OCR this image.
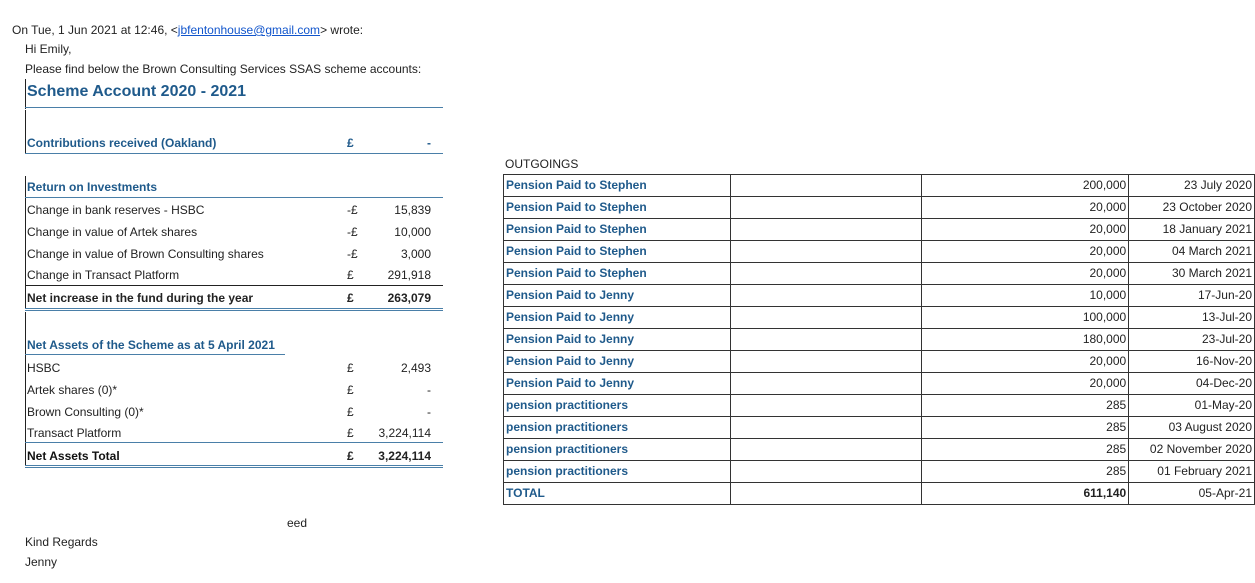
On Tue, 1 Jun 2021 at 12:46, <jbfentonhouse@gmail.com> wrote:
Hi Emily,
Please find below the Brown Consulting Services SSAS scheme accounts:
Scheme Account 2020 - 2021
Contributions received (Oakland)	£	-
Return on Investments
Change in bank reserves - HSBC	-£	15,839
Change in value of Artek shares	-£	10,000
Change in value of Brown Consulting shares	-£	3,000
Change in Transact Platform	£	291,918
Net increase in the fund during the year	£	263,079
Net Assets of the Scheme as at 5 April 2021
HSBC	£	2,493
Artek shares (0)*	£	-
Brown Consulting (0)*	£	-
Transact Platform	£ 3,224,114
Net Assets Total	£ 3,224,114
OUTGOINGS
Pension Paid to Stephen		200,000	23 July 2020
Pension Paid to Stephen		20,000	23 October 2020
Pension Paid to Stephen		20,000	18 January 2021
Pension Paid to Stephen		20,000	04 March 2021
Pension Paid to Stephen		20,000	30 March 2021
Pension Paid to Jenny		10,000	17-Jun-20
Pension Paid to Jenny		100,000	13-Jul-20
Pension Paid to Jenny		180,000	23-Jul-20
Pension Paid to Jenny		20,000	16-Nov-20
Pension Paid to Jenny		20,000	04-Dec-20
pension practitioners		285	01-May-20
pension practitioners		285	03 August 2020
pension practitioners		285	02 November 2020
pension practitioners		285	01 February 2021
TOTAL		611,140	05-Apr-21
eed
Kind Regards
Jenny
